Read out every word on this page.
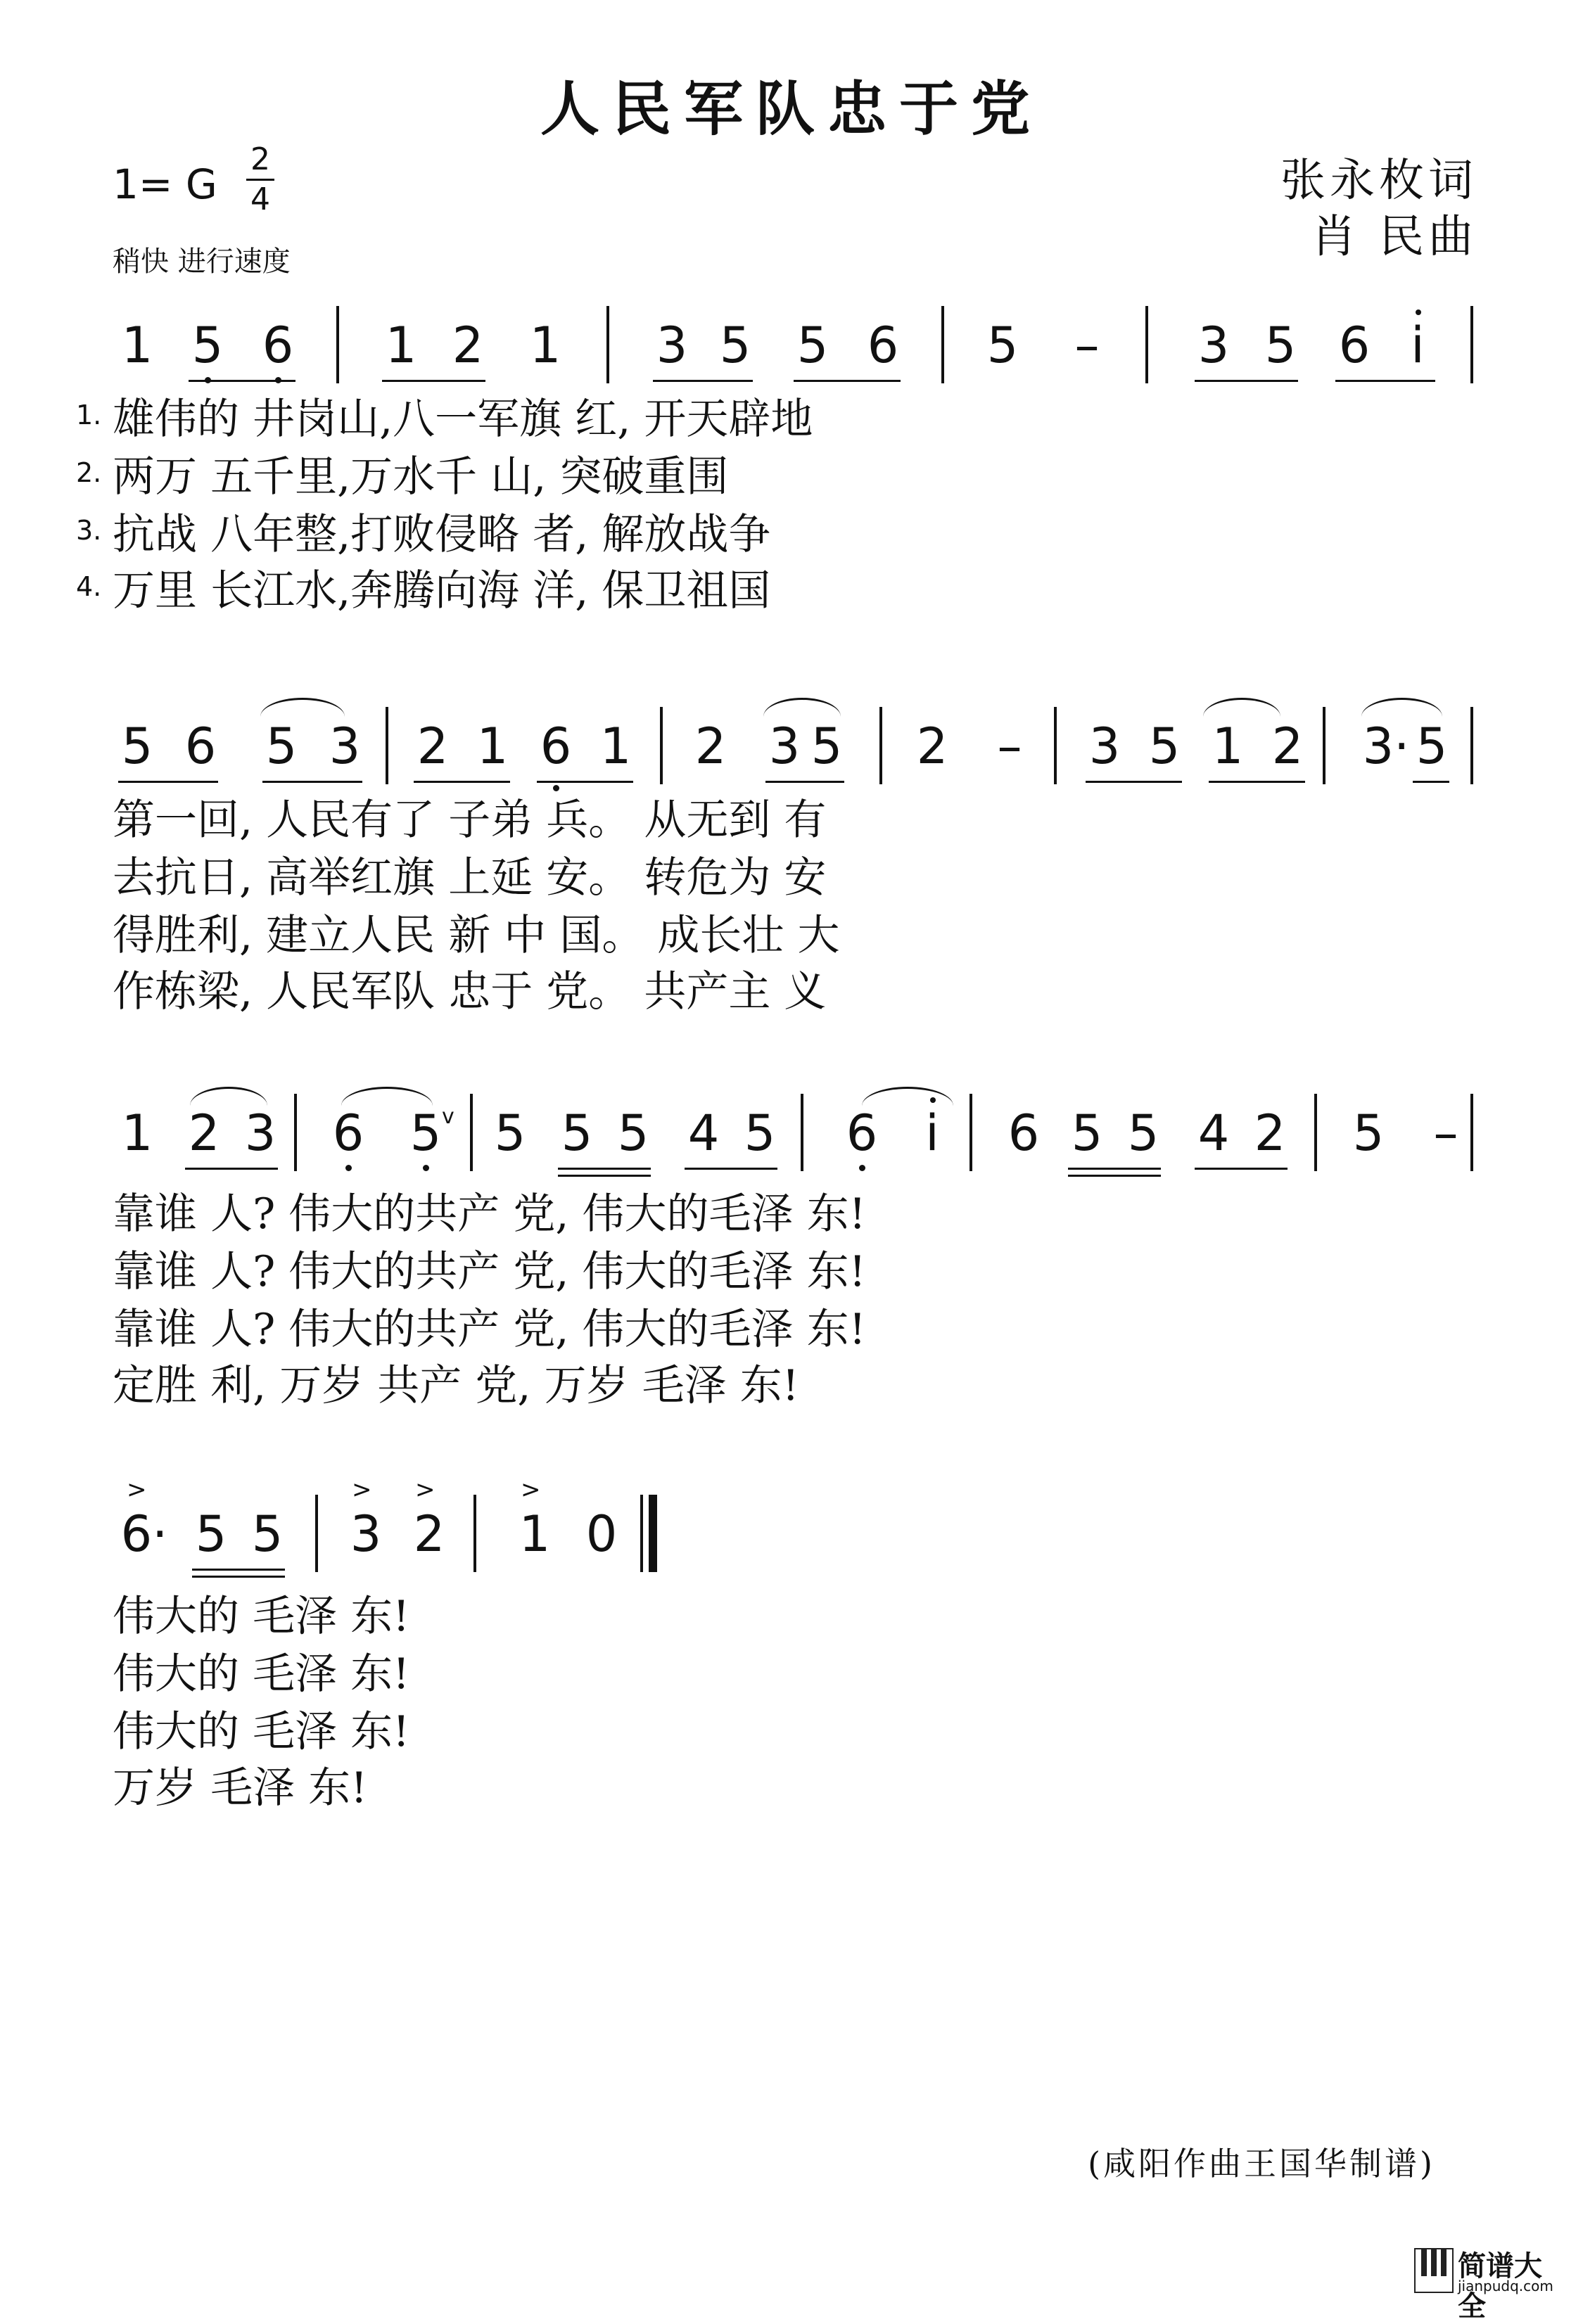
人民军队忠于党
1= G
2
4
稍快 进行速度
张永枚词
肖 民曲
1 5 6 1 2 1 3 5 5 6 5 – 3 5 6 i
1.
2.
3.
4.
雄伟的 井岗山,八一军旗 红, 开天辟地
两万 五千里,万水千 山, 突破重围
抗战 八年整,打败侵略 者, 解放战争
万里 长江水,奔腾向海 洋, 保卫祖国
5 6 5 3 2 1 6 1 2 3 5 2 – 3 5 1 2 3· 5
第一回, 人民有了 子弟 兵。 从无到 有
去抗日, 高举红旗 上延 安。 转危为 安
得胜利, 建立人民 新 中 国。 成长壮 大
作栋梁, 人民军队 忠于 党。 共产主 义
1 2 3 6 5 v 5 5 5 4 5 6 i 6 5 5 4 2 5 –
靠谁 人? 伟大的共产 党, 伟大的毛泽 东!
靠谁 人? 伟大的共产 党, 伟大的毛泽 东!
靠谁 人? 伟大的共产 党, 伟大的毛泽 东!
定胜 利, 万岁 共产 党, 万岁 毛泽 东!
>	> >	>
6· 5 5 3 2 1 0
伟大的 毛泽 东!
伟大的 毛泽 东!
伟大的 毛泽 东!
万岁 毛泽 东!
(咸阳作曲王国华制谱)
简谱大全
jianpudq.com
